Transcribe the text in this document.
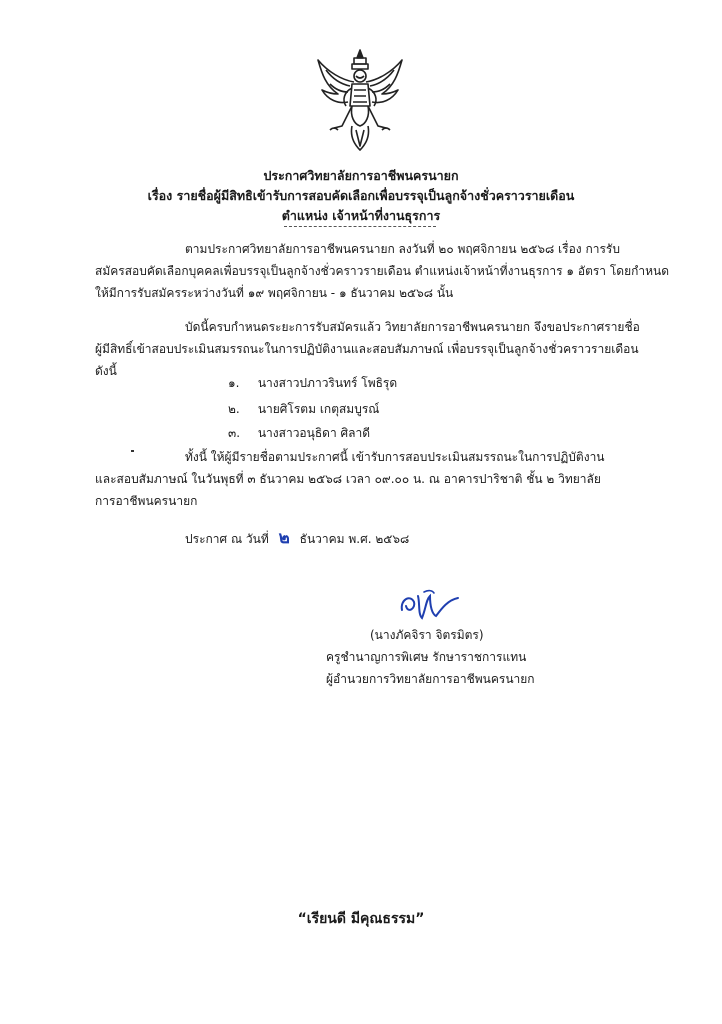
ประกาศวิทยาลัยการอาชีพนครนายก
เรื่อง รายชื่อผู้มีสิทธิเข้ารับการสอบคัดเลือกเพื่อบรรจุเป็นลูกจ้างชั่วคราวรายเดือน
ตำแหน่ง เจ้าหน้าที่งานธุรการ
ตามประกาศวิทยาลัยการอาชีพนครนายก ลงวันที่ ๒๐ พฤศจิกายน ๒๕๖๘ เรื่อง การรับ
สมัครสอบคัดเลือกบุคคลเพื่อบรรจุเป็นลูกจ้างชั่วคราวรายเดือน ตำแหน่งเจ้าหน้าที่งานธุรการ ๑ อัตรา โดยกำหนด
ให้มีการรับสมัครระหว่างวันที่ ๑๙ พฤศจิกายน - ๑ ธันวาคม ๒๕๖๘ นั้น
บัดนี้ครบกำหนดระยะการรับสมัครแล้ว วิทยาลัยการอาชีพนครนายก จึงขอประกาศรายชื่อ
ผู้มีสิทธิ์เข้าสอบประเมินสมรรถนะในการปฏิบัติงานและสอบสัมภาษณ์ เพื่อบรรจุเป็นลูกจ้างชั่วคราวรายเดือน
ดังนี้
๑. นางสาวปภาวรินทร์ โพธิรุด
๒. นายศิโรตม เกตุสมบูรณ์
๓. นางสาวอนุธิดา ศิลาดี
ทั้งนี้ ให้ผู้มีรายชื่อตามประกาศนี้ เข้ารับการสอบประเมินสมรรถนะในการปฏิบัติงาน
และสอบสัมภาษณ์ ในวันพุธที่ ๓ ธันวาคม ๒๕๖๘ เวลา ๐๙.๐๐ น. ณ อาคารปาริชาติ ชั้น ๒ วิทยาลัย
การอาชีพนครนายก
ประกาศ ณ วันที่ ๒ ธันวาคม พ.ศ. ๒๕๖๘
(นางภัคจิรา จิตรมิตร)
ครูชำนาญการพิเศษ รักษาราชการแทน
ผู้อำนวยการวิทยาลัยการอาชีพนครนายก
“เรียนดี มีคุณธรรม”
